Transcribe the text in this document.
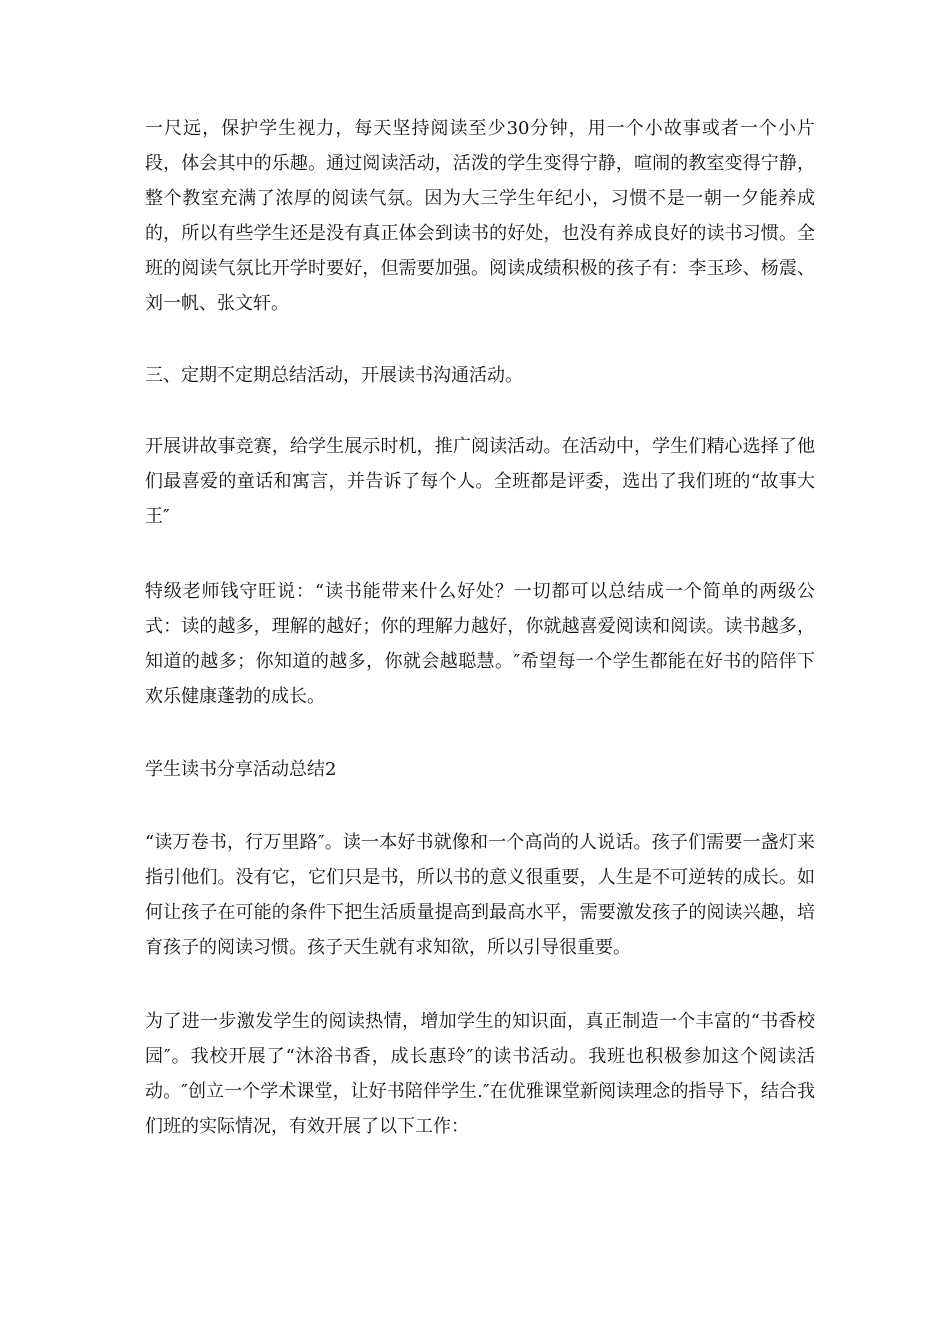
一尺远，保护学生视力，每天坚持阅读至少30分钟，用一个小故事或者一个小片段，体会其中的乐趣。通过阅读活动，活泼的学生变得宁静，喧闹的教室变得宁静，整个教室充满了浓厚的阅读气氛。因为大三学生年纪小，习惯不是一朝一夕能养成的，所以有些学生还是没有真正体会到读书的好处，也没有养成良好的读书习惯。全班的阅读气氛比开学时要好，但需要加强。阅读成绩积极的孩子有：李玉珍、杨震、刘一帆、张文轩。

三、定期不定期总结活动，开展读书沟通活动。

开展讲故事竞赛，给学生展示时机，推广阅读活动。在活动中，学生们精心选择了他们最喜爱的童话和寓言，并告诉了每个人。全班都是评委，选出了我们班的“故事大王″

特级老师钱守旺说：“读书能带来什么好处？一切都可以总结成一个简单的两级公式：读的越多，理解的越好；你的理解力越好，你就越喜爱阅读和阅读。读书越多，知道的越多；你知道的越多，你就会越聪慧。″希望每一个学生都能在好书的陪伴下欢乐健康蓬勃的成长。

学生读书分享活动总结2

“读万卷书，行万里路″。读一本好书就像和一个高尚的人说话。孩子们需要一盏灯来指引他们。没有它，它们只是书，所以书的意义很重要，人生是不可逆转的成长。如何让孩子在可能的条件下把生活质量提高到最高水平，需要激发孩子的阅读兴趣，培育孩子的阅读习惯。孩子天生就有求知欲，所以引导很重要。

为了进一步激发学生的阅读热情，增加学生的知识面，真正制造一个丰富的“书香校园″。我校开展了“沐浴书香，成长惠玲″的读书活动。我班也积极参加这个阅读活动。″创立一个学术课堂，让好书陪伴学生.″在优雅课堂新阅读理念的指导下，结合我们班的实际情况，有效开展了以下工作：
